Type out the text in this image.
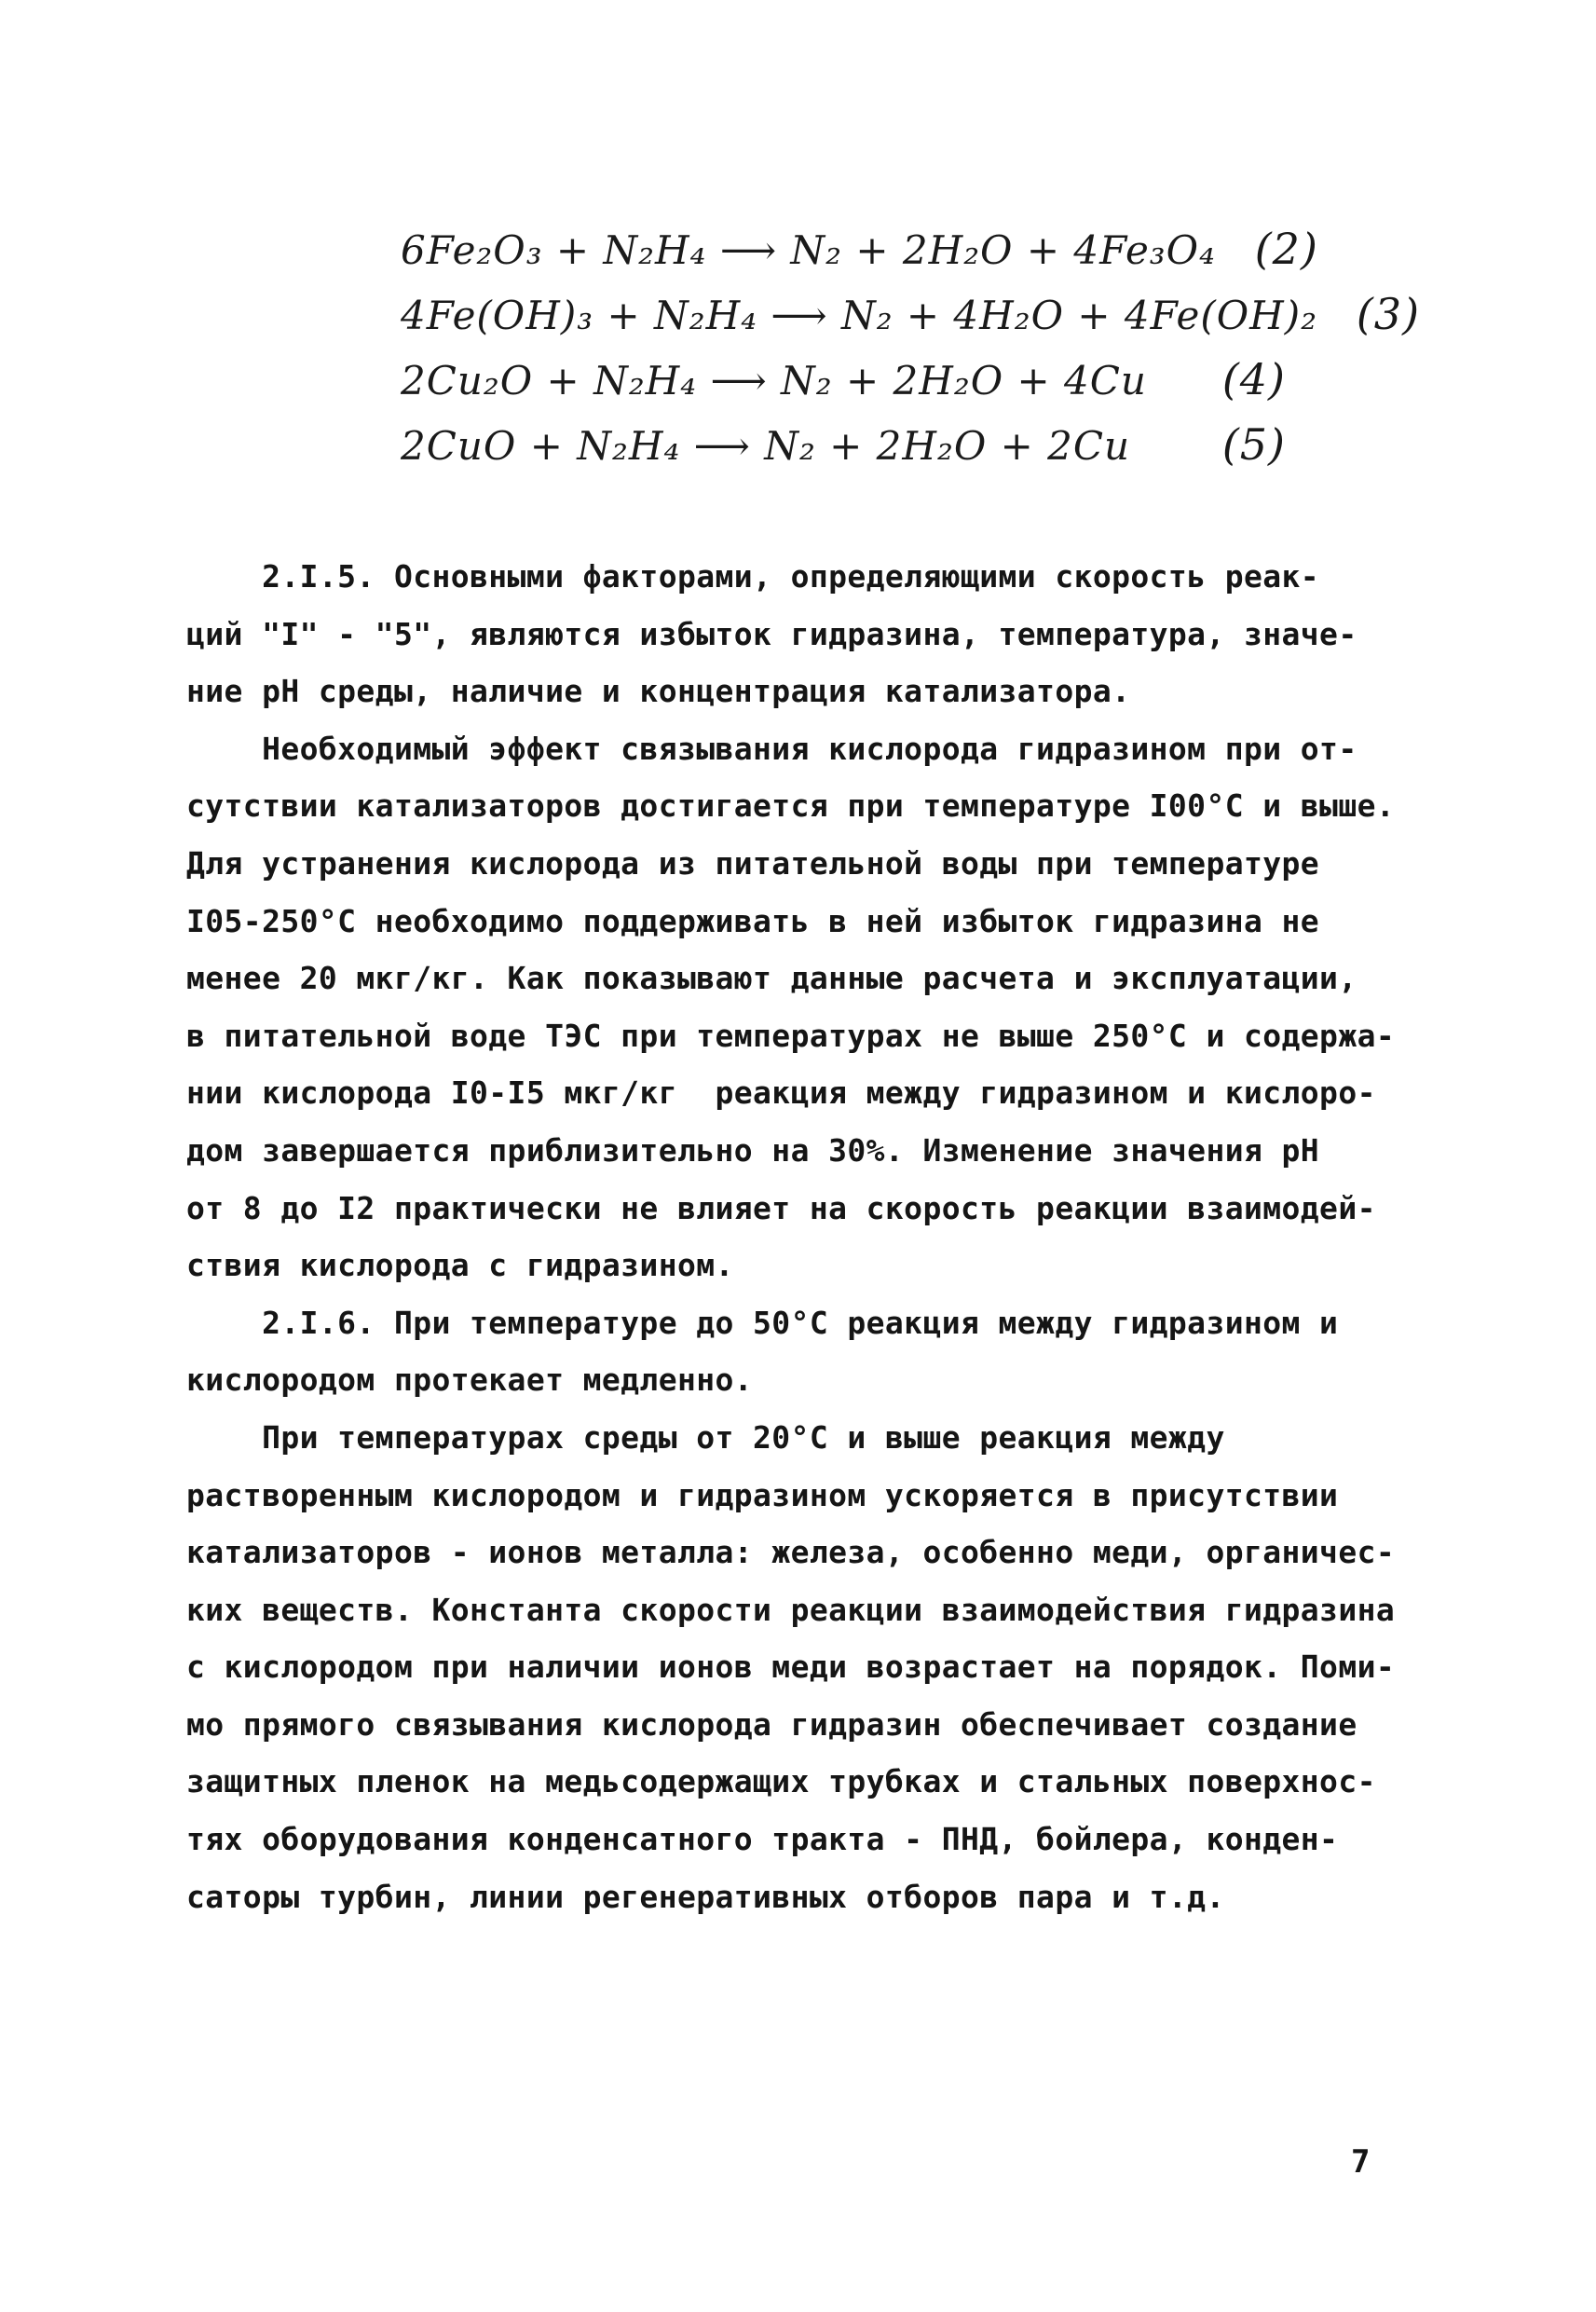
6Fe₂O₃ + N₂H₄ ⟶ N₂ + 2H₂O + 4Fe₃O₄ (2)
4Fe(OH)₃ + N₂H₄ ⟶ N₂ + 4H₂O + 4Fe(OH)₂ (3)
2Cu₂O + N₂H₄ ⟶ N₂ + 2H₂O + 4Cu	(4)
2CuO + N₂H₄ ⟶ N₂ + 2H₂O + 2Cu	(5)
2.I.5. Основными факторами, определяющими скорость реак-
ций "I" - "5", являются избыток гидразина, температура, значе-
ние pH среды, наличие и концентрация катализатора.
Необходимый эффект связывания кислорода гидразином при от-
сутствии катализаторов достигается при температуре I00°C и выше.
Для устранения кислорода из питательной воды при температуре
I05-250°C необходимо поддерживать в ней избыток гидразина не
менее 20 мкг/кг. Как показывают данные расчета и эксплуатации,
в питательной воде ТЭС при температурах не выше 250°C и содержа-
нии кислорода I0-I5 мкг/кг  реакция между гидразином и кислоро-
дом завершается приблизительно на 30%. Изменение значения pH
от 8 до I2 практически не влияет на скорость реакции взаимодей-
ствия кислорода с гидразином.
2.I.6. При температуре до 50°C реакция между гидразином и
кислородом протекает медленно.
При температурах среды от 20°C и выше реакция между
растворенным кислородом и гидразином ускоряется в присутствии
катализаторов - ионов металла: железа, особенно меди, органичес-
ких веществ. Константа скорости реакции взаимодействия гидразина
с кислородом при наличии ионов меди возрастает на порядок. Поми-
мо прямого связывания кислорода гидразин обеспечивает создание
защитных пленок на медьсодержащих трубках и стальных поверхнос-
тях оборудования конденсатного тракта - ПНД, бойлера, конден-
саторы турбин, линии регенеративных отборов пара и т.д.
7
